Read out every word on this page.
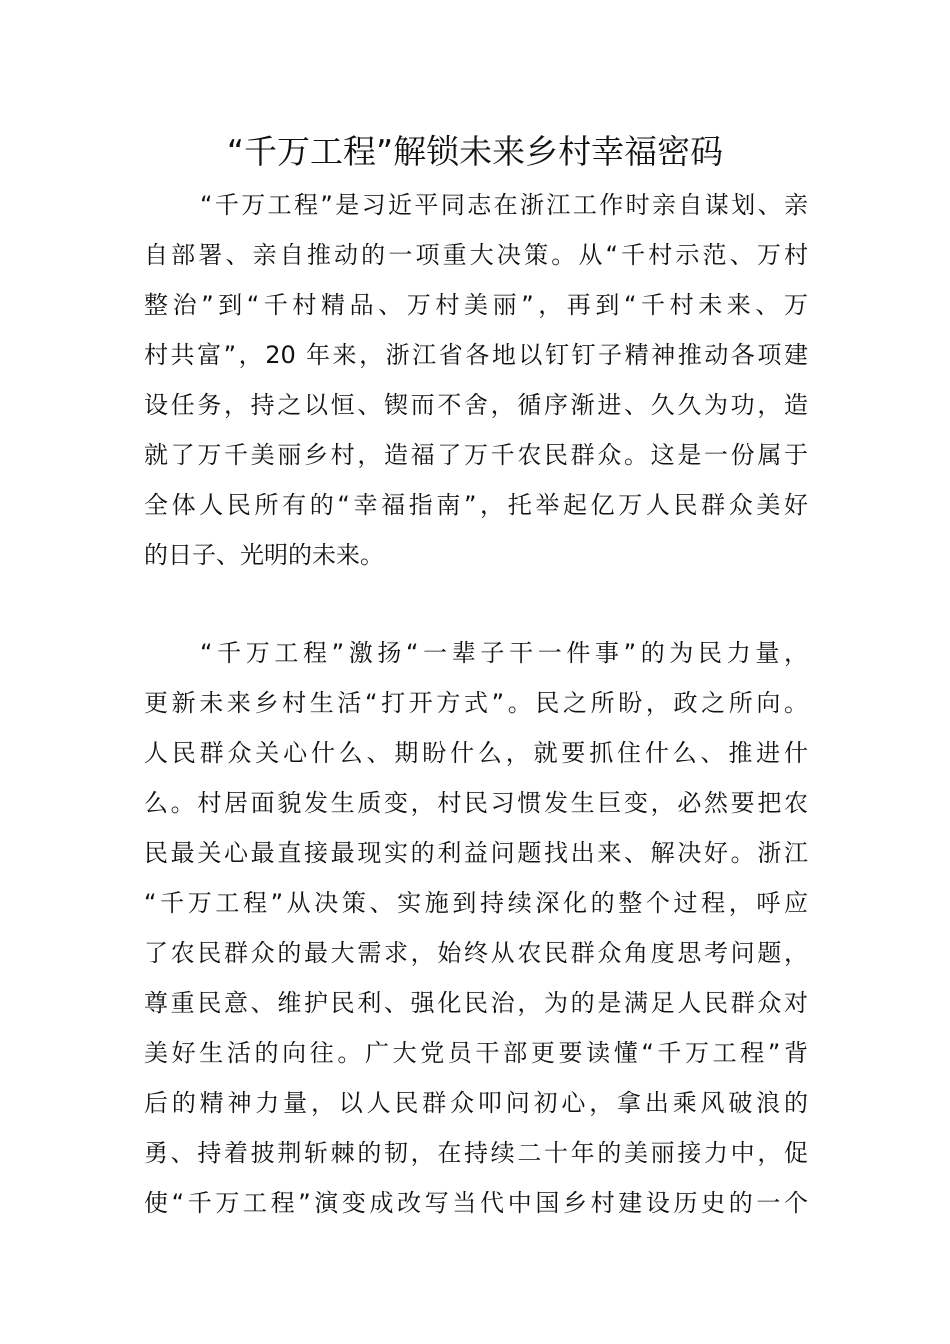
“千万工程”解锁未来乡村幸福密码
“千万工程”是习近平同志在浙江工作时亲自谋划、亲
自部署、亲自推动的一项重大决策。从“千村示范、万村
整治”到“千村精品、万村美丽”，再到“千村未来、万
村共富”，20 年来，浙江省各地以钉钉子精神推动各项建
设任务，持之以恒、锲而不舍，循序渐进、久久为功，造
就了万千美丽乡村，造福了万千农民群众。这是一份属于
全体人民所有的“幸福指南”，托举起亿万人民群众美好
的日子、光明的未来。
“千万工程”激扬“一辈子干一件事”的为民力量，
更新未来乡村生活“打开方式”。民之所盼，政之所向。
人民群众关心什么、期盼什么，就要抓住什么、推进什
么。村居面貌发生质变，村民习惯发生巨变，必然要把农
民最关心最直接最现实的利益问题找出来、解决好。浙江
“千万工程”从决策、实施到持续深化的整个过程，呼应
了农民群众的最大需求，始终从农民群众角度思考问题，
尊重民意、维护民利、强化民治，为的是满足人民群众对
美好生活的向往。广大党员干部更要读懂“千万工程”背
后的精神力量，以人民群众叩问初心，拿出乘风破浪的
勇、持着披荆斩棘的韧，在持续二十年的美丽接力中，促
使“千万工程”演变成改写当代中国乡村建设历史的一个
